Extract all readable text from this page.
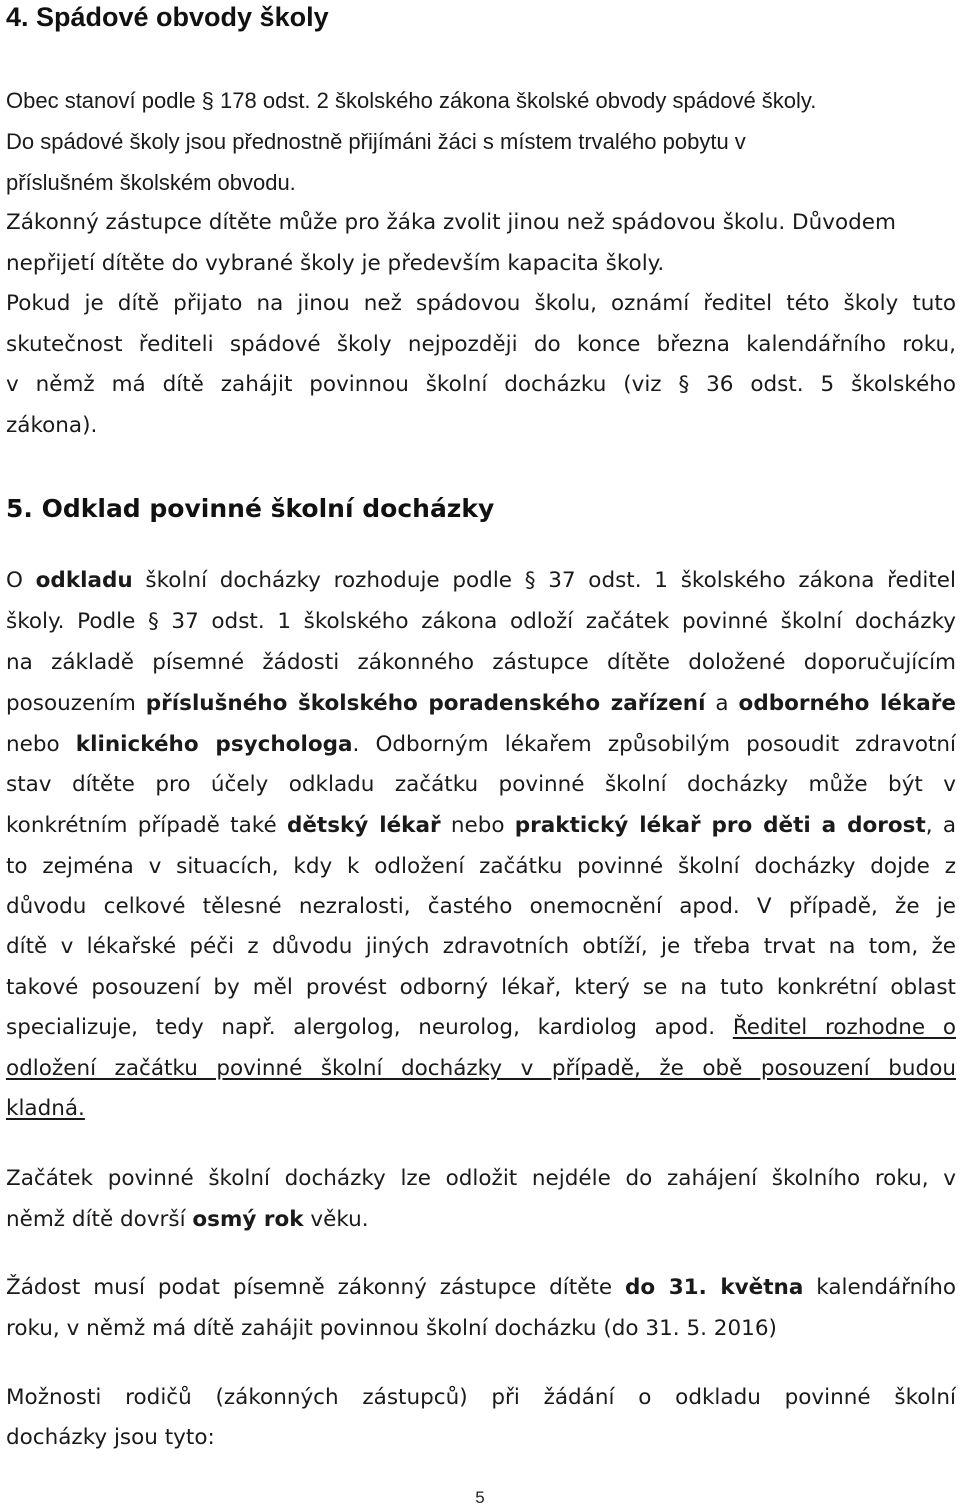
4. Spádové obvody školy
Obec stanoví podle § 178 odst. 2 školského zákona školské obvody spádové školy.
Do spádové školy jsou přednostně přijímáni žáci s místem trvalého pobytu v
příslušném školském obvodu.
Zákonný zástupce dítěte může pro žáka zvolit jinou než spádovou školu. Důvodem
nepřijetí dítěte do vybrané školy je především kapacita školy.
Pokud je dítě přijato na jinou než spádovou školu, oznámí ředitel této školy tuto
skutečnost řediteli spádové školy nejpozději do konce března kalendářního roku,
v němž má dítě zahájit povinnou školní docházku (viz § 36 odst. 5 školského
zákona).
5. Odklad povinné školní docházky
O odkladu školní docházky rozhoduje podle § 37 odst. 1 školského zákona ředitel
školy. Podle § 37 odst. 1 školského zákona odloží začátek povinné školní docházky
na základě písemné žádosti zákonného zástupce dítěte doložené doporučujícím
posouzením příslušného školského poradenského zařízení a odborného lékaře
nebo klinického psychologa. Odborným lékařem způsobilým posoudit zdravotní
stav dítěte pro účely odkladu začátku povinné školní docházky může být v
konkrétním případě také dětský lékař nebo praktický lékař pro děti a dorost, a
to zejména v situacích, kdy k odložení začátku povinné školní docházky dojde z
důvodu celkové tělesné nezralosti, častého onemocnění apod. V případě, že je
dítě v lékařské péči z důvodu jiných zdravotních obtíží, je třeba trvat na tom, že
takové posouzení by měl provést odborný lékař, který se na tuto konkrétní oblast
specializuje, tedy např. alergolog, neurolog, kardiolog apod. Ředitel rozhodne o
odložení začátku povinné školní docházky v případě, že obě posouzení budou
kladná.
Začátek povinné školní docházky lze odložit nejdéle do zahájení školního roku, v
němž dítě dovrší osmý rok věku.
Žádost musí podat písemně zákonný zástupce dítěte do 31. května kalendářního
roku, v němž má dítě zahájit povinnou školní docházku (do 31. 5. 2016)
Možnosti rodičů (zákonných zástupců) při žádání o odkladu povinné školní
docházky jsou tyto:
5
